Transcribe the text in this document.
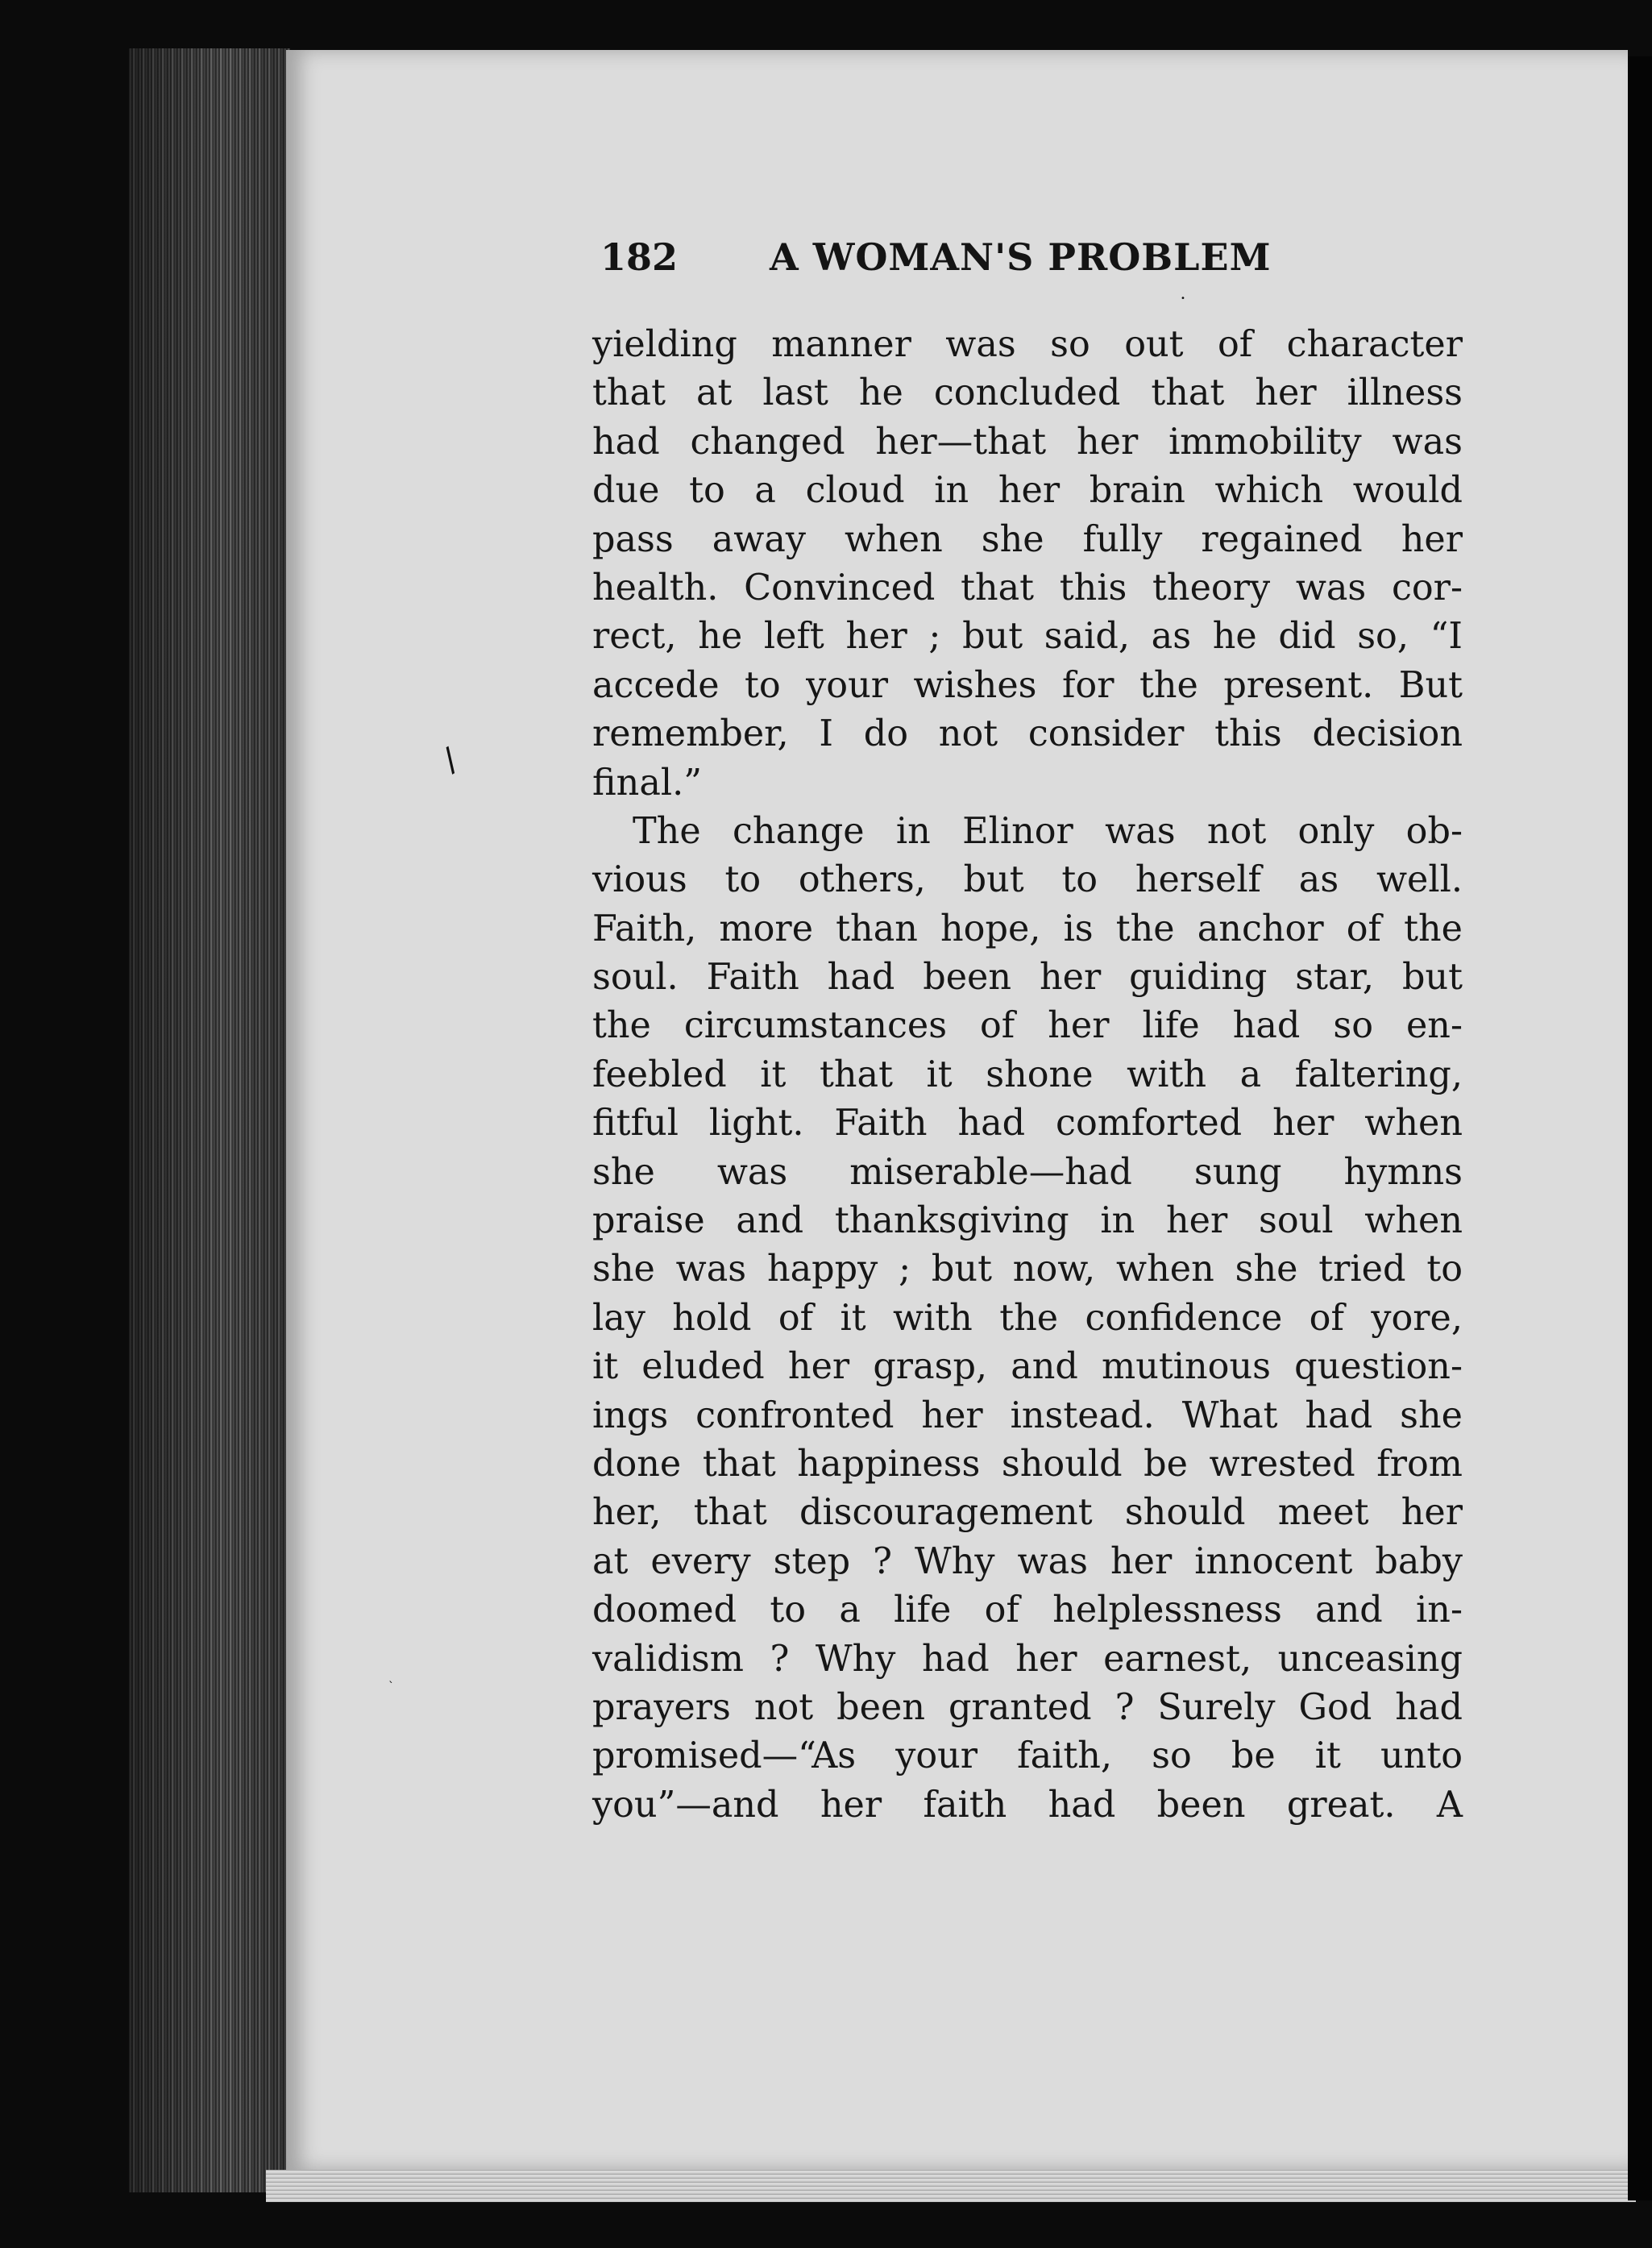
/
•
`
182 A WOMAN'S PROBLEM
yielding manner was so out of character
that at last he concluded that her illness
had changed her—that her immobility was
due to a cloud in her brain which would
pass away when she fully regained her
health. Convinced that this theory was cor-
rect, he left her ; but said, as he did so, “I
accede to your wishes for the present. But
remember, I do not consider this decision
final.”
The change in Elinor was not only ob-
vious to others, but to herself as well.
Faith, more than hope, is the anchor of the
soul. Faith had been her guiding star, but
the circumstances of her life had so en-
feebled it that it shone with a faltering,
fitful light. Faith had comforted her when
she was miserable—had sung hymns
praise and thanksgiving in her soul when
she was happy ; but now, when she tried to
lay hold of it with the confidence of yore,
it eluded her grasp, and mutinous question-
ings confronted her instead. What had she
done that happiness should be wrested from
her, that discouragement should meet her
at every step ? Why was her innocent baby
doomed to a life of helplessness and in-
validism ? Why had her earnest, unceasing
prayers not been granted ? Surely God had
promised—“As your faith, so be it unto
you”—and her faith had been great. A
